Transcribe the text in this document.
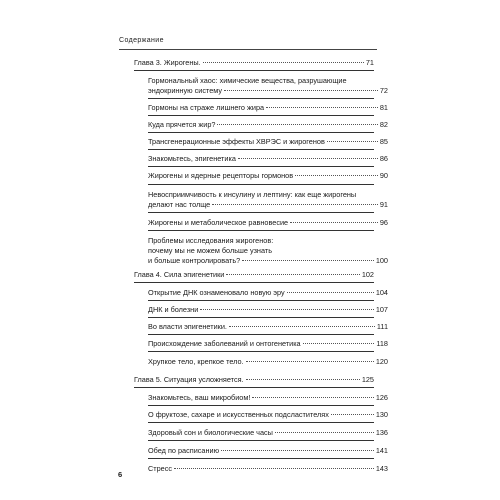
Содержание
Глава 3. Жирогены.	71
Гормональный хаос: химические вещества, разрушающие
эндокринную систему	72
Гормоны на страже лишнего жира	81
Куда прячется жир?	82
Трансгенерационные эффекты ХВРЭС и жирогенов	85
Знакомьтесь, эпигенетика	86
Жирогены и ядерные рецепторы гормонов	90
Невосприимчивость к инсулину и лептину: как еще жирогены
делают нас толще	91
Жирогены и метаболическое равновесие	96
Проблемы исследования жирогенов:
почему мы не можем больше узнать
и больше контролировать?	100
Глава 4. Сила эпигенетики	102
Открытие ДНК ознаменовало новую эру	104
ДНК и болезни	107
Во власти эпигенетики.	111
Происхождение заболеваний и онтогенетика	118
Хрупкое тело, крепкое тело.	120
Глава 5. Ситуация усложняется.	125
Знакомьтесь, ваш микробиом!	126
О фруктозе, сахаре и искусственных подсластителях	130
Здоровый сон и биологические часы	136
Обед по расписанию	141
Стресс	143
6
